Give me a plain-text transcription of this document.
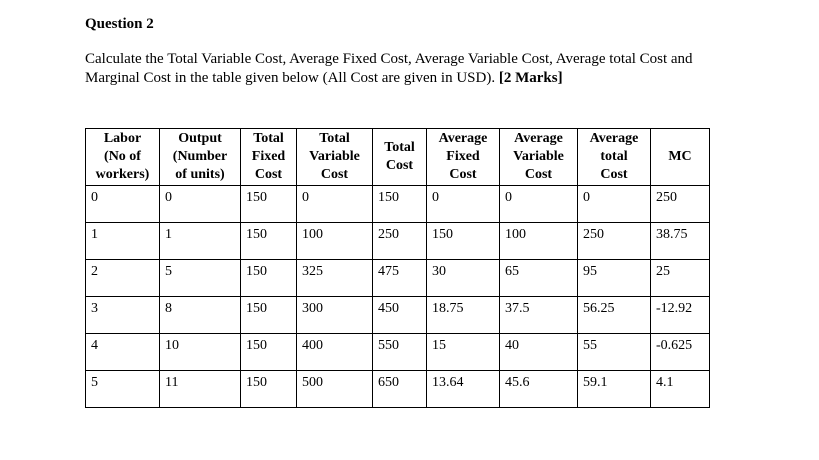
Question 2
Calculate the Total Variable Cost, Average Fixed Cost, Average Variable Cost, Average total Cost and Marginal Cost in the table given below (All Cost are given in USD). [2 Marks]
Labor
(No of
workers)	Output
(Number
of units)	Total
Fixed
Cost	Total
Variable
Cost	Total
Cost	Average
Fixed
Cost	Average
Variable
Cost	Average
total
Cost	MC

0	0	150	0	150	0	0	0	250
1	1	150	100	250	150	100	250	38.75
2	5	150	325	475	30	65	95	25
3	8	150	300	450	18.75	37.5	56.25	-12.92
4	10	150	400	550	15	40	55	-0.625
5	11	150	500	650	13.64	45.6	59.1	4.1
